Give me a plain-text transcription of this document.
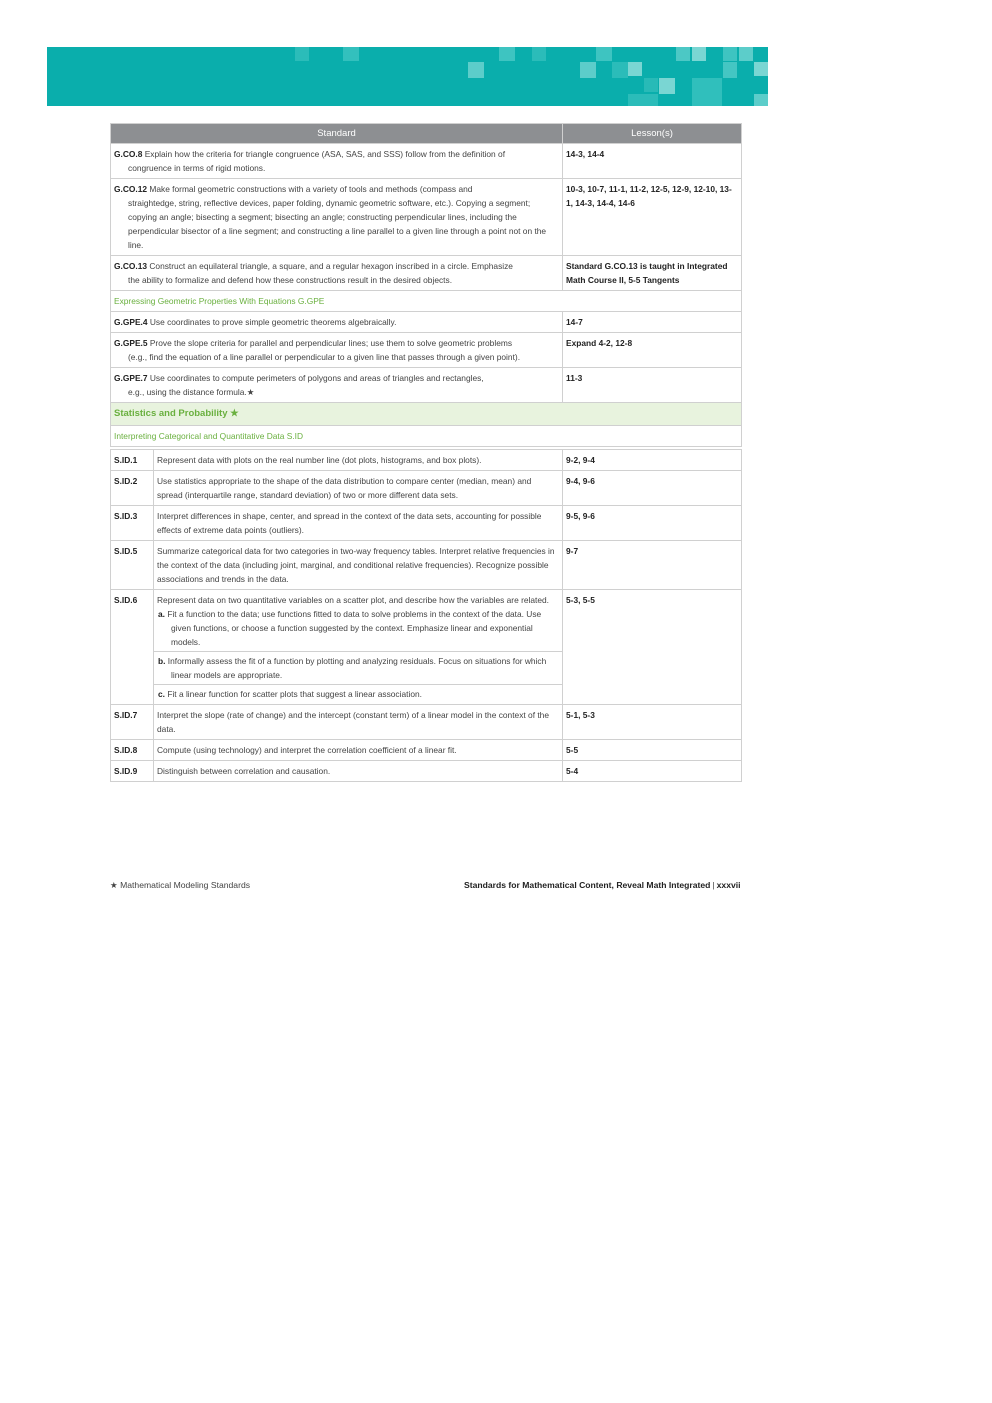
Standard	Lesson(s)
G.CO.8 Explain how the criteria for triangle congruence (ASA, SAS, and SSS) follow from the definition of
congruence in terms of rigid motions.	14-3, 14-4
G.CO.12 Make formal geometric constructions with a variety of tools and methods (compass and
straightedge, string, reflective devices, paper folding, dynamic geometric software, etc.). Copying a segment; copying an angle; bisecting a segment; bisecting an angle; constructing perpendicular lines, including the perpendicular bisector of a line segment; and constructing a line parallel to a given line through a point not on the line.	10-3, 10-7, 11-1, 11-2, 12-5, 12-9, 12-10, 13-1, 14-3, 14-4, 14-6
G.CO.13 Construct an equilateral triangle, a square, and a regular hexagon inscribed in a circle. Emphasize
the ability to formalize and defend how these constructions result in the desired objects.	Standard G.CO.13 is taught in Integrated Math Course II, 5-5 Tangents
Expressing Geometric Properties With Equations G.GPE	
G.GPE.4 Use coordinates to prove simple geometric theorems algebraically.	14-7
G.GPE.5 Prove the slope criteria for parallel and perpendicular lines; use them to solve geometric problems
(e.g., find the equation of a line parallel or perpendicular to a given line that passes through a given point).	Expand 4-2, 12-8
G.GPE.7 Use coordinates to compute perimeters of polygons and areas of triangles and rectangles,
e.g., using the distance formula.★	11-3
Statistics and Probability ★	
Interpreting Categorical and Quantitative Data S.ID	
S.ID.1	Represent data with plots on the real number line (dot plots, histograms, and box plots).	9-2, 9-4
S.ID.2	Use statistics appropriate to the shape of the data distribution to compare center (median, mean) and spread (interquartile range, standard deviation) of two or more different data sets.	9-4, 9-6
S.ID.3	Interpret differences in shape, center, and spread in the context of the data sets, accounting for possible effects of extreme data points (outliers).	9-5, 9-6
S.ID.5	Summarize categorical data for two categories in two-way frequency tables. Interpret relative frequencies in the context of the data (including joint, marginal, and conditional relative frequencies). Recognize possible associations and trends in the data.	9-7
S.ID.6	Represent data on two quantitative variables on a scatter plot, and describe how the variables are related.
a. Fit a function to the data; use functions fitted to data to solve problems in the context of the data. Use given functions, or choose a function suggested by the context. Emphasize linear and exponential models.
b. Informally assess the fit of a function by plotting and analyzing residuals. Focus on situations for which linear models are appropriate.
c. Fit a linear function for scatter plots that suggest a linear association.	5-3, 5-5
S.ID.7	Interpret the slope (rate of change) and the intercept (constant term) of a linear model in the context of the data.	5-1, 5-3
S.ID.8	Compute (using technology) and interpret the correlation coefficient of a linear fit.	5-5
S.ID.9	Distinguish between correlation and causation.	5-4
★ Mathematical Modeling Standards	Standards for Mathematical Content, Reveal Math Integrated | xxxvii
